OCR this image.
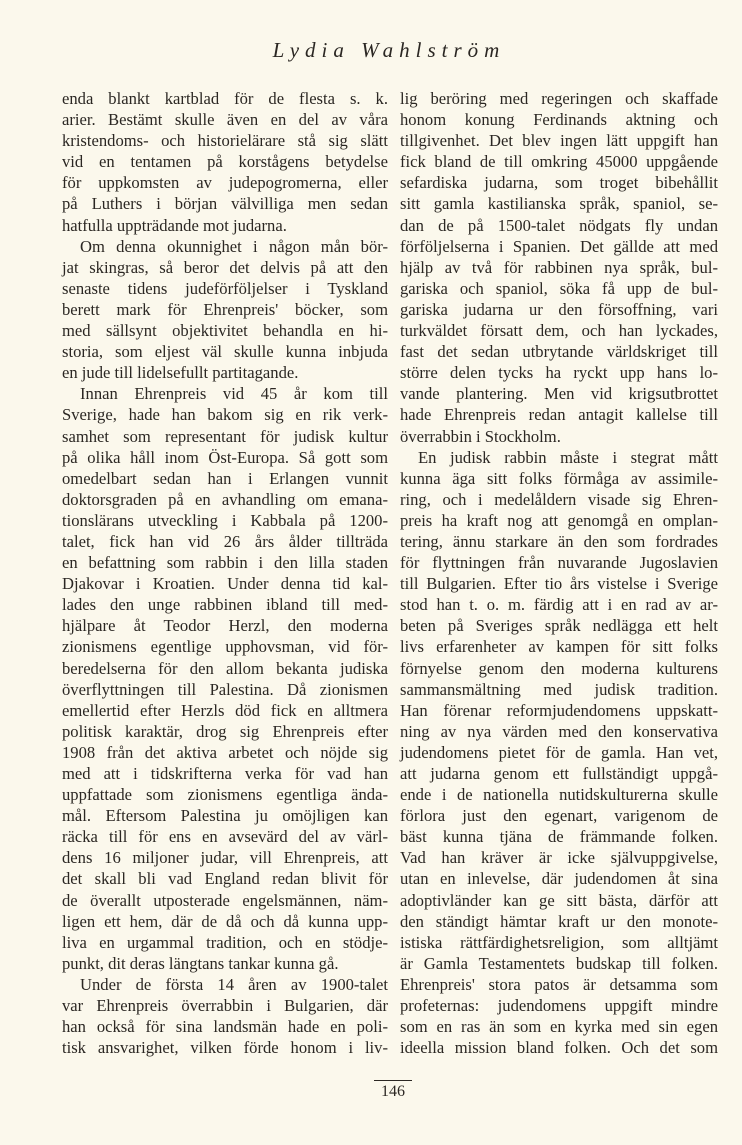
Lydia Wahlström
enda blankt kartblad för de flesta s. k.
arier. Bestämt skulle även en del av våra
kristendoms- och historielärare stå sig slätt
vid en tentamen på korstågens betydelse
för uppkomsten av judepogromerna, eller
på Luthers i början välvilliga men sedan
hatfulla uppträdande mot judarna.
Om denna okunnighet i någon mån bör-
jat skingras, så beror det delvis på att den
senaste tidens judeförföljelser i Tyskland
berett mark för Ehrenpreis' böcker, som
med sällsynt objektivitet behandla en hi-
storia, som eljest väl skulle kunna inbjuda
en jude till lidelsefullt partitagande.
Innan Ehrenpreis vid 45 år kom till
Sverige, hade han bakom sig en rik verk-
samhet som representant för judisk kultur
på olika håll inom Öst-Europa. Så gott som
omedelbart sedan han i Erlangen vunnit
doktorsgraden på en avhandling om emana-
tionslärans utveckling i Kabbala på 1200-
talet, fick han vid 26 års ålder tillträda
en befattning som rabbin i den lilla staden
Djakovar i Kroatien. Under denna tid kal-
lades den unge rabbinen ibland till med-
hjälpare åt Teodor Herzl, den moderna
zionismens egentlige upphovsman, vid för-
beredelserna för den allom bekanta judiska
överflyttningen till Palestina. Då zionismen
emellertid efter Herzls död fick en alltmera
politisk karaktär, drog sig Ehrenpreis efter
1908 från det aktiva arbetet och nöjde sig
med att i tidskrifterna verka för vad han
uppfattade som zionismens egentliga ända-
mål. Eftersom Palestina ju omöjligen kan
räcka till för ens en avsevärd del av värl-
dens 16 miljoner judar, vill Ehrenpreis, att
det skall bli vad England redan blivit för
de överallt utposterade engelsmännen, näm-
ligen ett hem, där de då och då kunna upp-
liva en urgammal tradition, och en stödje-
punkt, dit deras längtans tankar kunna gå.
Under de första 14 åren av 1900-talet
var Ehrenpreis överrabbin i Bulgarien, där
han också för sina landsmän hade en poli-
tisk ansvarighet, vilken förde honom i liv-
lig beröring med regeringen och skaffade
honom konung Ferdinands aktning och
tillgivenhet. Det blev ingen lätt uppgift han
fick bland de till omkring 45000 uppgående
sefardiska judarna, som troget bibehållit
sitt gamla kastilianska språk, spaniol, se-
dan de på 1500-talet nödgats fly undan
förföljelserna i Spanien. Det gällde att med
hjälp av två för rabbinen nya språk, bul-
gariska och spaniol, söka få upp de bul-
gariska judarna ur den försoffning, vari
turkväldet försatt dem, och han lyckades,
fast det sedan utbrytande världskriget till
större delen tycks ha ryckt upp hans lo-
vande plantering. Men vid krigsutbrottet
hade Ehrenpreis redan antagit kallelse till
överrabbin i Stockholm.
En judisk rabbin måste i stegrat mått
kunna äga sitt folks förmåga av assimile-
ring, och i medelåldern visade sig Ehren-
preis ha kraft nog att genomgå en omplan-
tering, ännu starkare än den som fordrades
för flyttningen från nuvarande Jugoslavien
till Bulgarien. Efter tio års vistelse i Sverige
stod han t. o. m. färdig att i en rad av ar-
beten på Sveriges språk nedlägga ett helt
livs erfarenheter av kampen för sitt folks
förnyelse genom den moderna kulturens
sammansmältning med judisk tradition.
Han förenar reformjudendomens uppskatt-
ning av nya värden med den konservativa
judendomens pietet för de gamla. Han vet,
att judarna genom ett fullständigt uppgå-
ende i de nationella nutidskulturerna skulle
förlora just den egenart, varigenom de
bäst kunna tjäna de främmande folken.
Vad han kräver är icke självuppgivelse,
utan en inlevelse, där judendomen åt sina
adoptivländer kan ge sitt bästa, därför att
den ständigt hämtar kraft ur den monote-
istiska rättfärdighetsreligion, som alltjämt
är Gamla Testamentets budskap till folken.
Ehrenpreis' stora patos är detsamma som
profeternas: judendomens uppgift mindre
som en ras än som en kyrka med sin egen
ideella mission bland folken. Och det som
146
